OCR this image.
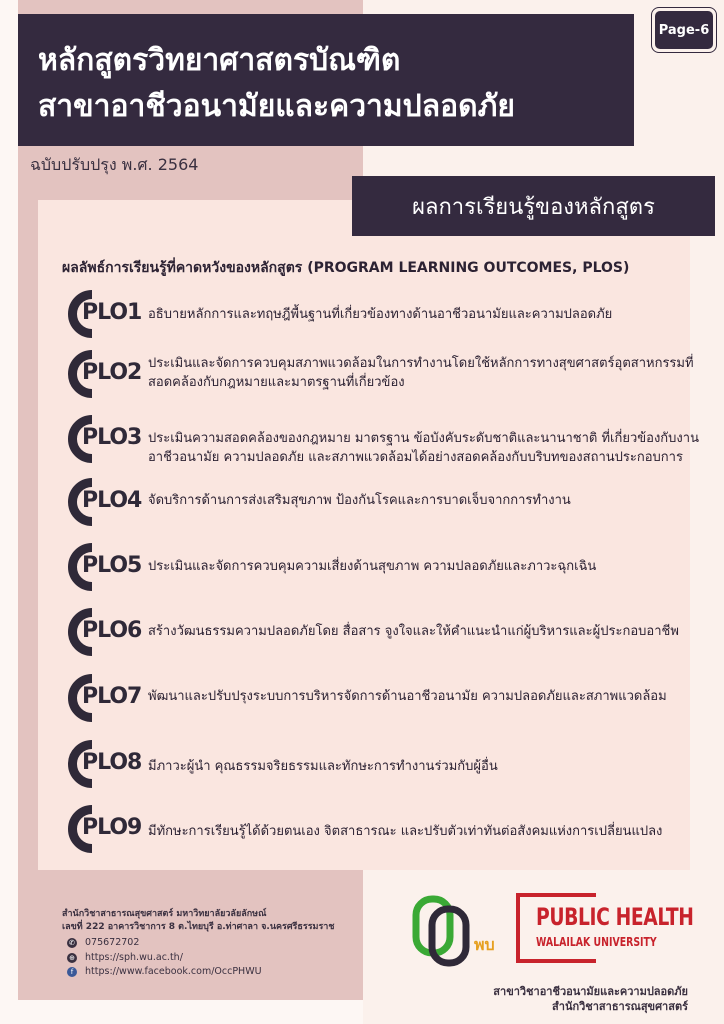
หลักสูตรวิทยาศาสตรบัณฑิต
สาขาอาชีวอนามัยและความปลอดภัย
Page-6
ฉบับปรับปรุง พ.ศ. 2564
ผลการเรียนรู้ของหลักสูตร
ผลลัพธ์การเรียนรู้ที่คาดหวังของหลักสูตร (PROGRAM LEARNING OUTCOMES, PLOS)
PLO1 อธิบายหลักการและทฤษฎีพื้นฐานที่เกี่ยวข้องทางด้านอาชีวอนามัยและความปลอดภัย
PLO2 ประเมินและจัดการควบคุมสภาพแวดล้อมในการทำงานโดยใช้หลักการทางสุขศาสตร์อุตสาหกรรมที่สอดคล้องกับกฎหมายและมาตรฐานที่เกี่ยวข้อง
PLO3 ประเมินความสอดคล้องของกฎหมาย มาตรฐาน ข้อบังคับระดับชาติและนานาชาติ ที่เกี่ยวข้องกับงานอาชีวอนามัย ความปลอดภัย และสภาพแวดล้อมได้อย่างสอดคล้องกับบริบทของสถานประกอบการ
PLO4 จัดบริการด้านการส่งเสริมสุขภาพ ป้องกันโรคและการบาดเจ็บจากการทำงาน
PLO5 ประเมินและจัดการควบคุมความเสี่ยงด้านสุขภาพ ความปลอดภัยและภาวะฉุกเฉิน
PLO6 สร้างวัฒนธรรมความปลอดภัยโดย สื่อสาร จูงใจและให้คำแนะนำแก่ผู้บริหารและผู้ประกอบอาชีพ
PLO7 พัฒนาและปรับปรุงระบบการบริหารจัดการด้านอาชีวอนามัย ความปลอดภัยและสภาพแวดล้อม
PLO8 มีภาวะผู้นำ คุณธรรมจริยธรรมและทักษะการทำงานร่วมกับผู้อื่น
PLO9 มีทักษะการเรียนรู้ได้ด้วยตนเอง จิตสาธารณะ และปรับตัวเท่าทันต่อสังคมแห่งการเปลี่ยนแปลง
สำนักวิชาสาธารณสุขศาสตร์ มหาวิทยาลัยวลัยลักษณ์
เลขที่ 222 อาคารวิชาการ 8 ต.ไทยบุรี อ.ท่าศาลา จ.นครศรีธรรมราช
✆ 075672702
⊕ https://sph.wu.ac.th/
f	https://www.facebook.com/OccPHWU
พบ
PUBLIC HEALTH
WALAILAK UNIVERSITY
สาขาวิชาอาชีวอนามัยและความปลอดภัย
สำนักวิชาสาธารณสุขศาสตร์
